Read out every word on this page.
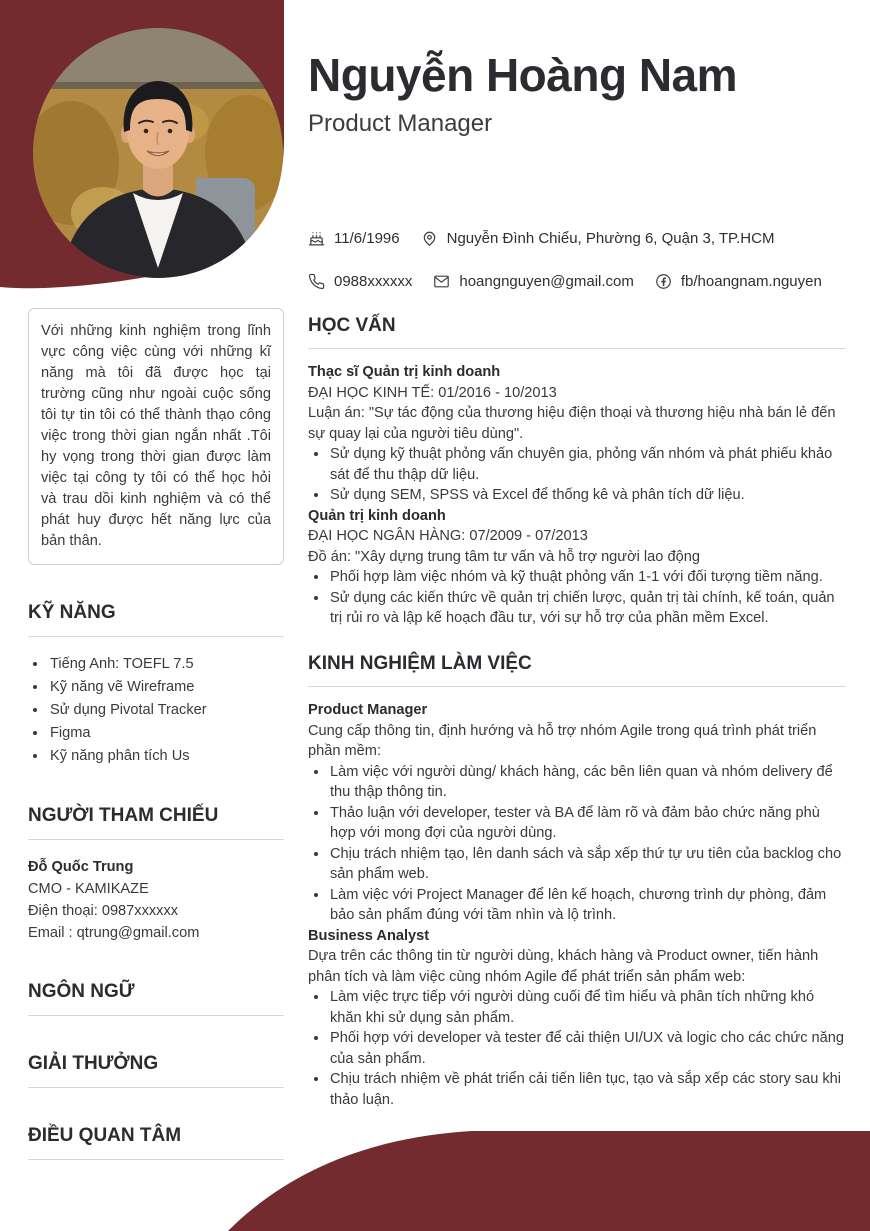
Nguyễn Hoàng Nam
Product Manager
11/6/1996	Nguyễn Đình Chiểu, Phường 6, Quận 3, TP.HCM
0988xxxxxx	hoangnguyen@gmail.com	fb/hoangnam.nguyen
Với những kinh nghiệm trong lĩnh vực công việc cùng với những kĩ năng mà tôi đã được học tại trường cũng như ngoài cuộc sống tôi tự tin tôi có thể thành thạo công việc trong thời gian ngắn nhất .Tôi hy vọng trong thời gian được làm việc tại công ty tôi có thể học hỏi và trau dồi kinh nghiệm và có thể phát huy được hết năng lực của bản thân.
KỸ NĂNG
• Tiếng Anh: TOEFL 7.5
• Kỹ năng vẽ Wireframe
• Sử dụng Pivotal Tracker
• Figma
• Kỹ năng phân tích Us
NGƯỜI THAM CHIẾU
Đỗ Quốc Trung
CMO - KAMIKAZE
Điện thoại: 0987xxxxxx
Email : qtrung@gmail.com
NGÔN NGỮ
GIẢI THƯỞNG
ĐIỀU QUAN TÂM
HỌC VẤN
Thạc sĩ Quản trị kinh doanh
ĐẠI HỌC KINH TẾ: 01/2016 - 10/2013
Luận án: "Sự tác động của thương hiệu điện thoại và thương hiệu nhà bán lẻ đến sự quay lại của người tiêu dùng".
• Sử dụng kỹ thuật phỏng vấn chuyên gia, phỏng vấn nhóm và phát phiếu khảo sát để thu thập dữ liệu.
• Sử dụng SEM, SPSS và Excel để thống kê và phân tích dữ liệu.
Quản trị kinh doanh
ĐẠI HỌC NGÂN HÀNG: 07/2009 - 07/2013
Đồ án: "Xây dựng trung tâm tư vấn và hỗ trợ người lao động
• Phối hợp làm việc nhóm và kỹ thuật phỏng vấn 1-1 với đối tượng tiềm năng.
• Sử dụng các kiến thức về quản trị chiến lược, quản trị tài chính, kế toán, quản trị rủi ro và lập kế hoạch đầu tư, với sự hỗ trợ của phần mềm Excel.
KINH NGHIỆM LÀM VIỆC
Product Manager
Cung cấp thông tin, định hướng và hỗ trợ nhóm Agile trong quá trình phát triển phần mềm:
• Làm việc với người dùng/ khách hàng, các bên liên quan và nhóm delivery để thu thập thông tin.
• Thảo luận với developer, tester và BA để làm rõ và đảm bảo chức năng phù hợp với mong đợi của người dùng.
• Chịu trách nhiệm tạo, lên danh sách và sắp xếp thứ tự ưu tiên của backlog cho sản phẩm web.
• Làm việc với Project Manager để lên kế hoạch, chương trình dự phòng, đảm bảo sản phẩm đúng với tầm nhìn và lộ trình.
Business Analyst
Dựa trên các thông tin từ người dùng, khách hàng và Product owner, tiến hành phân tích và làm việc cùng nhóm Agile để phát triển sản phẩm web:
• Làm việc trực tiếp với người dùng cuối để tìm hiểu và phân tích những khó khăn khi sử dụng sản phẩm.
• Phối hợp với developer và tester để cải thiện UI/UX và logic cho các chức năng của sản phẩm.
• Chịu trách nhiệm về phát triển cải tiến liên tục, tạo và sắp xếp các story sau khi thảo luận.
